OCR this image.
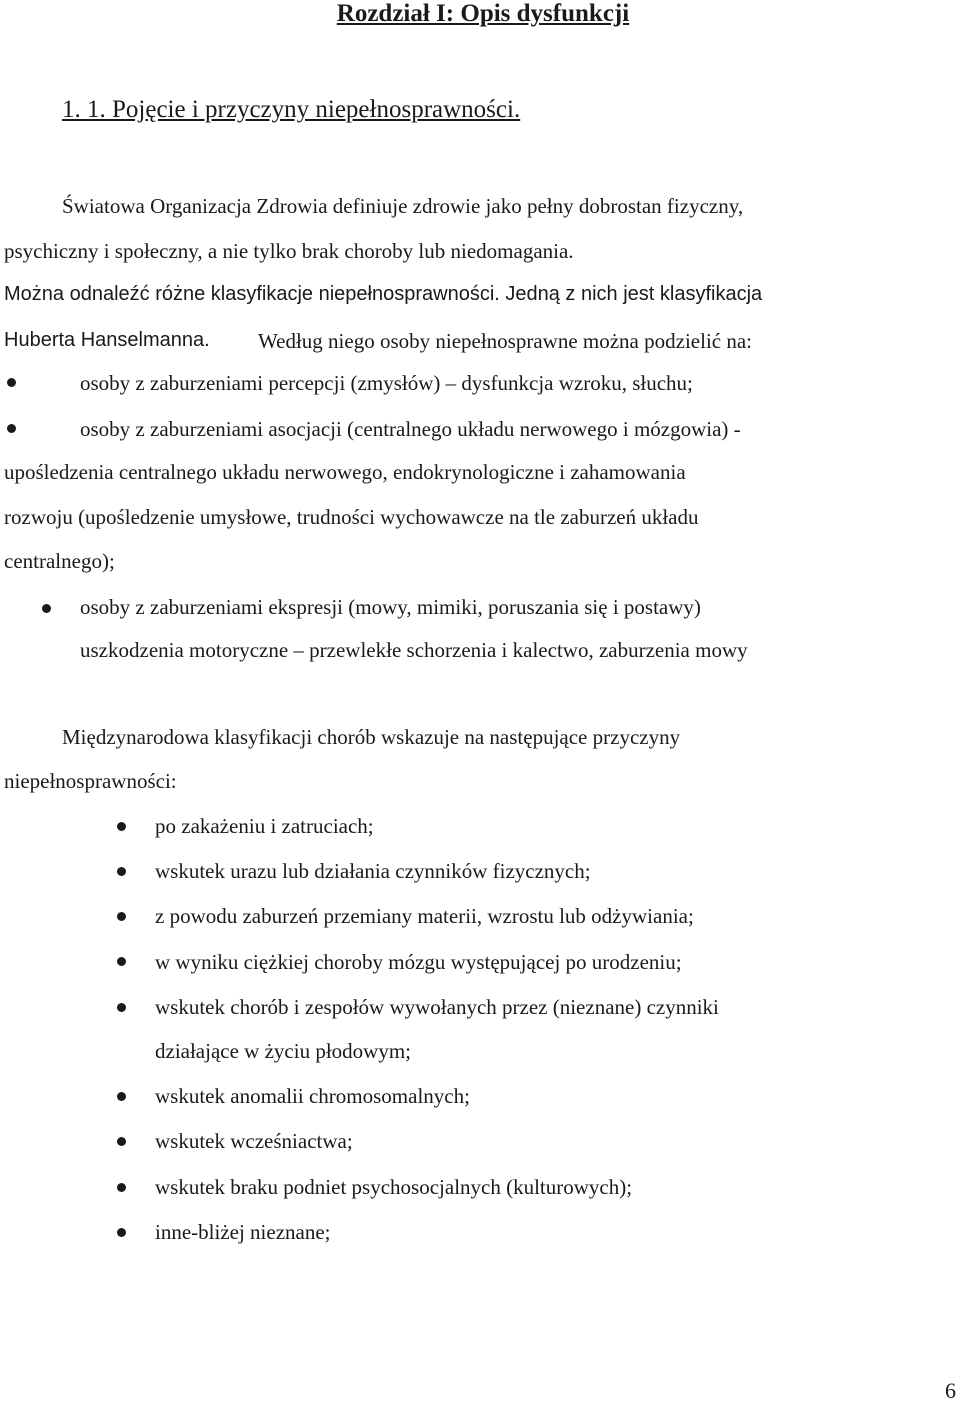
Rozdział I: Opis dysfunkcji
1. 1. Pojęcie i przyczyny niepełnosprawności.
Światowa Organizacja Zdrowia definiuje zdrowie jako pełny dobrostan fizyczny,
psychiczny i społeczny, a nie tylko brak choroby lub niedomagania.
Można odnaleźć różne klasyfikacje niepełnosprawności. Jedną z nich jest klasyfikacja
Huberta Hanselmanna. Według niego osoby niepełnosprawne można podzielić na:
osoby z zaburzeniami percepcji (zmysłów) – dysfunkcja wzroku, słuchu;
osoby z zaburzeniami asocjacji (centralnego układu nerwowego i mózgowia) -
upośledzenia centralnego układu nerwowego, endokrynologiczne i zahamowania
rozwoju (upośledzenie umysłowe, trudności wychowawcze na tle zaburzeń układu
centralnego);
osoby z zaburzeniami ekspresji (mowy, mimiki, poruszania się i postawy)
uszkodzenia motoryczne – przewlekłe schorzenia i kalectwo, zaburzenia mowy
Międzynarodowa klasyfikacji chorób wskazuje na następujące przyczyny
niepełnosprawności:
po zakażeniu i zatruciach;
wskutek urazu lub działania czynników fizycznych;
z powodu zaburzeń przemiany materii, wzrostu lub odżywiania;
w wyniku ciężkiej choroby mózgu występującej po urodzeniu;
wskutek chorób i zespołów wywołanych przez (nieznane) czynniki
działające w życiu płodowym;
wskutek anomalii chromosomalnych;
wskutek wcześniactwa;
wskutek braku podniet psychosocjalnych (kulturowych);
inne-bliżej nieznane;
6
